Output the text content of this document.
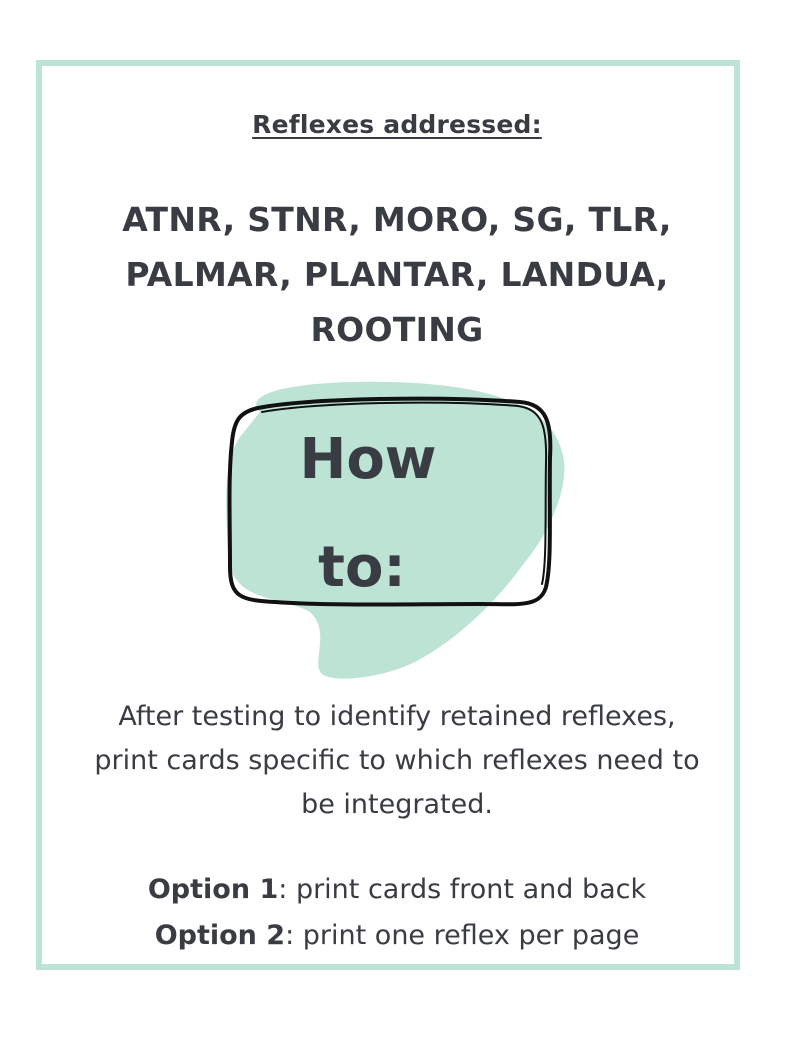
Reflexes addressed:
ATNR, STNR, MORO, SG, TLR,
PALMAR, PLANTAR, LANDUA,
ROOTING
How
to:
After testing to identify retained reflexes,
print cards specific to which reflexes need to
be integrated.
Option 1: print cards front and back
Option 2: print one reflex per page
